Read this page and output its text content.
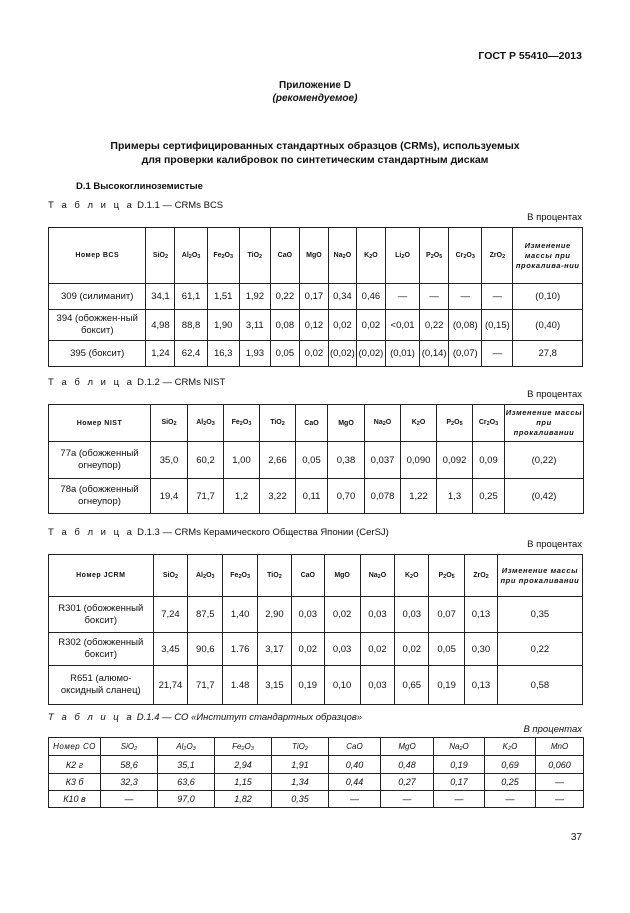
ГОСТ Р 55410—2013
Приложение D
(рекомендуемое)
Примеры сертифицированных стандартных образцов (CRMs), используемых
для проверки калибровок по синтетическим стандартным дискам
D.1 Высокоглиноземистые
Т а б л и ц а D.1.1 — CRMs BCS
В процентах
Номер BCS	SiO2	Al2O3	Fe2O3	TiO2	CaO	MgO	Na2O	K2O	Li2O	P2O5	Cr2O3	ZrO2	Изменение массы при прокалива-нии
309 (силиманит)	34,1	61,1	1,51	1,92	0,22	0,17	0,34	0,46	—	—	—	—	(0,10)
394 (обожжен-ный боксит)	4,98	88,8	1,90	3,11	0,08	0,12	0,02	0,02	<0,01	0,22	(0,08)	(0,15)	(0,40)
395 (боксит)	1,24	62,4	16,3	1,93	0,05	0,02	(0,02)	(0,02)	(0,01)	(0,14)	(0,07)	—	27,8
Т а б л и ц а D.1.2 — CRMs NIST
В процентах
Номер NIST	SiO2	Al2O3	Fe2O3	TiO2	CaO	MgO	Na2O	K2O	P2O5	Cr2O3	Изменение массы при прокаливании
77a (обожженный огнеупор)	35,0	60,2	1,00	2,66	0,05	0,38	0,037	0,090	0,092	0,09	(0,22)
78a (обожженный огнеупор)	19,4	71,7	1,2	3,22	0,11	0,70	0,078	1,22	1,3	0,25	(0,42)
Т а б л и ц а D.1.3 — CRMs Керамического Общества Японии (CerSJ)
В процентах
Номер JCRM	SiO2	Al2O3	Fe2O3	TiO2	CaO	MgO	Na2O	K2O	P2O5	ZrO2	Изменение массы при прокаливании
R301 (обожженный боксит)	7,24	87,5	1,40	2,90	0,03	0,02	0,03	0,03	0,07	0,13	0,35
R302 (обожженный боксит)	3,45	90,6	1.76	3,17	0,02	0,03	0,02	0,02	0,05	0,30	0,22
R651 (алюмо-оксидный сланец)	21,74	71,7	1.48	3,15	0,19	0,10	0,03	0,65	0,19	0,13	0,58
Т а б л и ц а D.1.4 — СО «Институт стандартных образцов»
В процентах
Номер СО	SiO2	Al2O3	Fe2O3	TiO2	CaO	MgO	Na2O	K2O	MnO
К2 г	58,6	35,1	2,94	1,91	0,40	0,48	0,19	0,69	0,060
К3 б	32,3	63,6	1,15	1,34	0,44	0,27	0,17	0,25	—
К10 в	—	97,0	1,82	0,35	—	—	—	—	—
37
